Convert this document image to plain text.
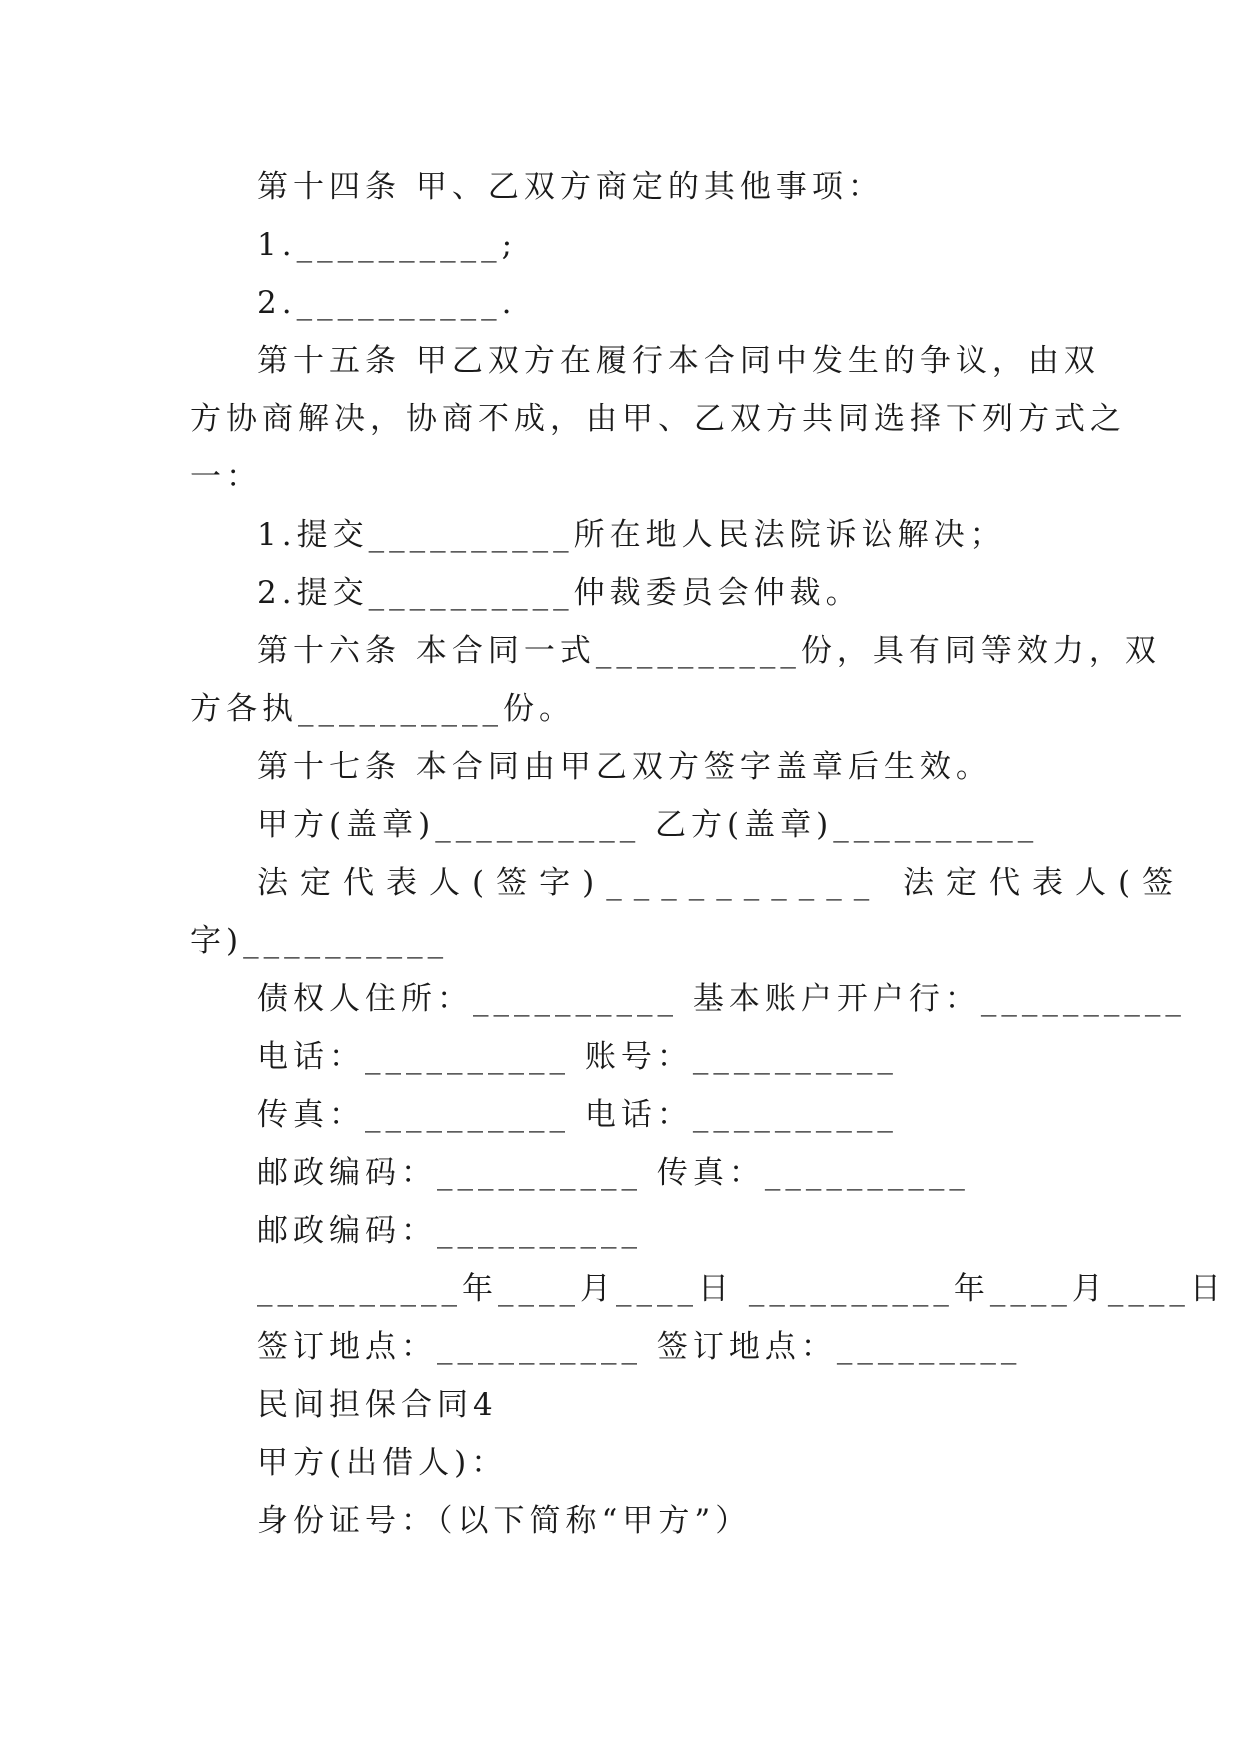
第十四条 甲、乙双方商定的其他事项：
1.__________;
2.__________.
第十五条 甲乙双方在履行本合同中发生的争议，由双
方协商解决，协商不成，由甲、乙双方共同选择下列方式之
一：
1.提交__________所在地人民法院诉讼解决；
2.提交__________仲裁委员会仲裁。
第十六条 本合同一式__________份，具有同等效力，双
方各执__________份。
第十七条 本合同由甲乙双方签字盖章后生效。
甲方(盖章)__________ 乙方(盖章)__________
法定代表人(签字)__________ 法定代表人(签
字)__________
债权人住所：__________ 基本账户开户行：__________
电话：__________ 账号：__________
传真：__________ 电话：__________
邮政编码：__________ 传真：__________
邮政编码：__________
__________年____月____日 __________年____月____日
签订地点：__________ 签订地点：_________
民间担保合同4
甲方(出借人)：
身份证号：（以下简称“甲方”）
